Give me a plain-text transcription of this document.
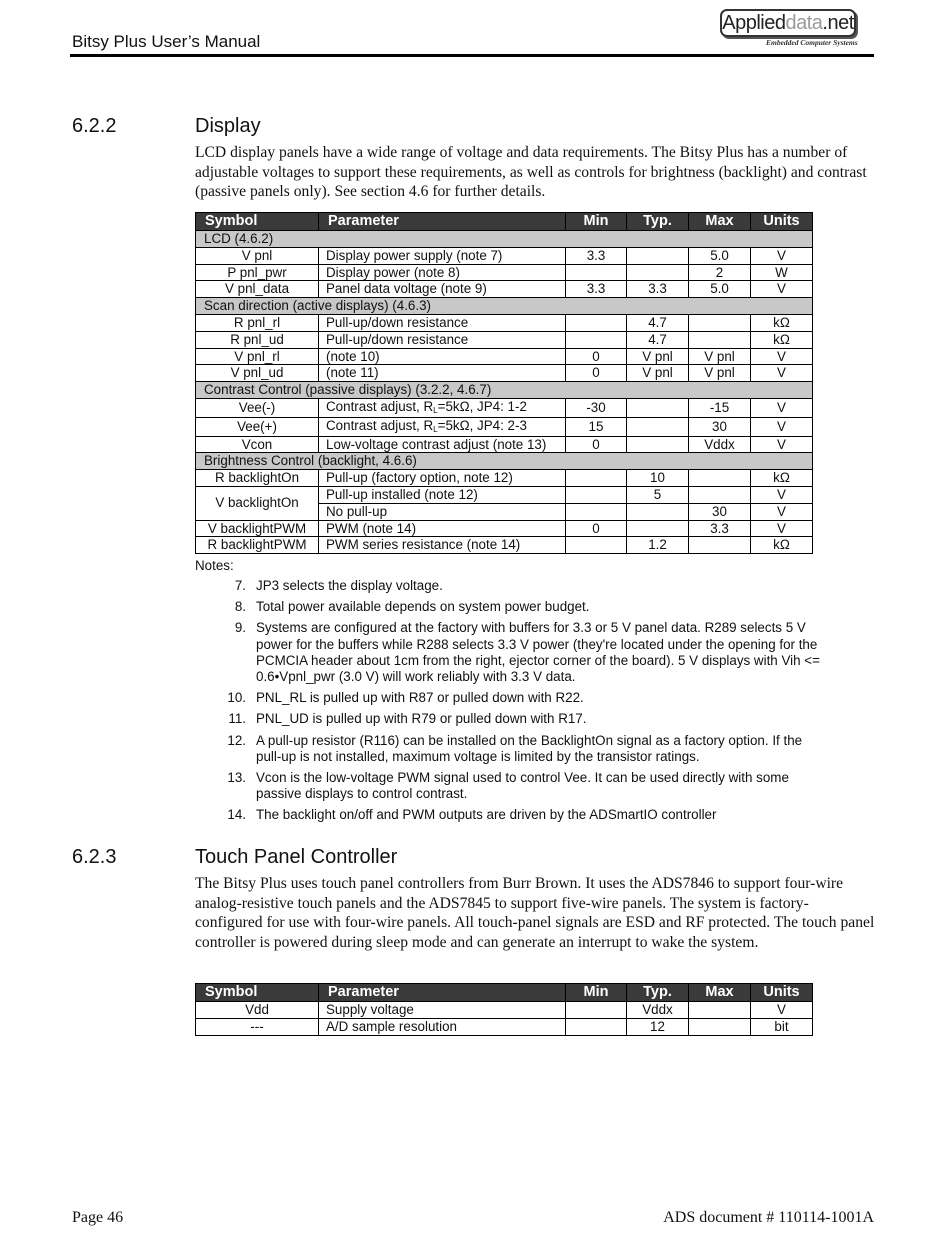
Bitsy Plus User’s Manual
Applieddata.net
Embedded Computer Systems
6.2.2	Display
LCD display panels have a wide range of voltage and data requirements. The Bitsy Plus has a number of adjustable voltages to support these requirements, as well as controls for brightness (backlight) and contrast (passive panels only). See section 4.6 for further details.
Symbol	Parameter	Min	Typ.	Max	Units
LCD (4.6.2)					
V pnl	Display power supply (note 7)	3.3		5.0	V
P pnl_pwr	Display power (note 8)			2	W
V pnl_data	Panel data voltage (note 9)	3.3	3.3	5.0	V
Scan direction (active displays) (4.6.3)					
R pnl_rl	Pull-up/down resistance		4.7		kΩ
R pnl_ud	Pull-up/down resistance		4.7		kΩ
V pnl_rl	(note 10)	0	V pnl	V pnl	V
V pnl_ud	(note 11)	0	V pnl	V pnl	V
Contrast Control (passive displays) (3.2.2, 4.6.7)					
Vee(-)	Contrast adjust, $R_L=5k\Omega$, JP4: 1-2	-30		-15	V
Vee(+)	Contrast adjust, $R_L=5k\Omega$, JP4: 2-3	15		30	V
Vcon	Low-voltage contrast adjust (note 13)	0		Vddx	V
Brightness Control (backlight, 4.6.6)					
R backlightOn	Pull-up (factory option, note 12)		10		kΩ
V backlightOn	Pull-up installed (note 12)		5		V
	No pull-up			30	V
V backlightPWM	PWM (note 14)	0		3.3	V
R backlightPWM	PWM series resistance (note 14)		1.2		kΩ
Notes:
7. JP3 selects the display voltage.
8. Total power available depends on system power budget.
9. Systems are configured at the factory with buffers for 3.3 or 5 V panel data. R289 selects 5 V power for the buffers while R288 selects 3.3 V power (they're located under the opening for the PCMCIA header about 1cm from the right, ejector corner of the board). 5 V displays with Vih <= 0.6•Vpnl_pwr (3.0 V) will work reliably with 3.3 V data.
10. PNL_RL is pulled up with R87 or pulled down with R22.
11. PNL_UD is pulled up with R79 or pulled down with R17.
12. A pull-up resistor (R116) can be installed on the BacklightOn signal as a factory option. If the pull-up is not installed, maximum voltage is limited by the transistor ratings.
13. Vcon is the low-voltage PWM signal used to control Vee. It can be used directly with some passive displays to control contrast.
14. The backlight on/off and PWM outputs are driven by the ADSmartIO controller
6.2.3	Touch Panel Controller
The Bitsy Plus uses touch panel controllers from Burr Brown. It uses the ADS7846 to support four-wire analog-resistive touch panels and the ADS7845 to support five-wire panels. The system is factory-configured for use with four-wire panels. All touch-panel signals are ESD and RF protected. The touch panel controller is powered during sleep mode and can generate an interrupt to wake the system.
Symbol	Parameter	Min	Typ.	Max	Units
Vdd	Supply voltage		Vddx		V
---	A/D sample resolution		12		bit
Page 46	ADS document # 110114-1001A
